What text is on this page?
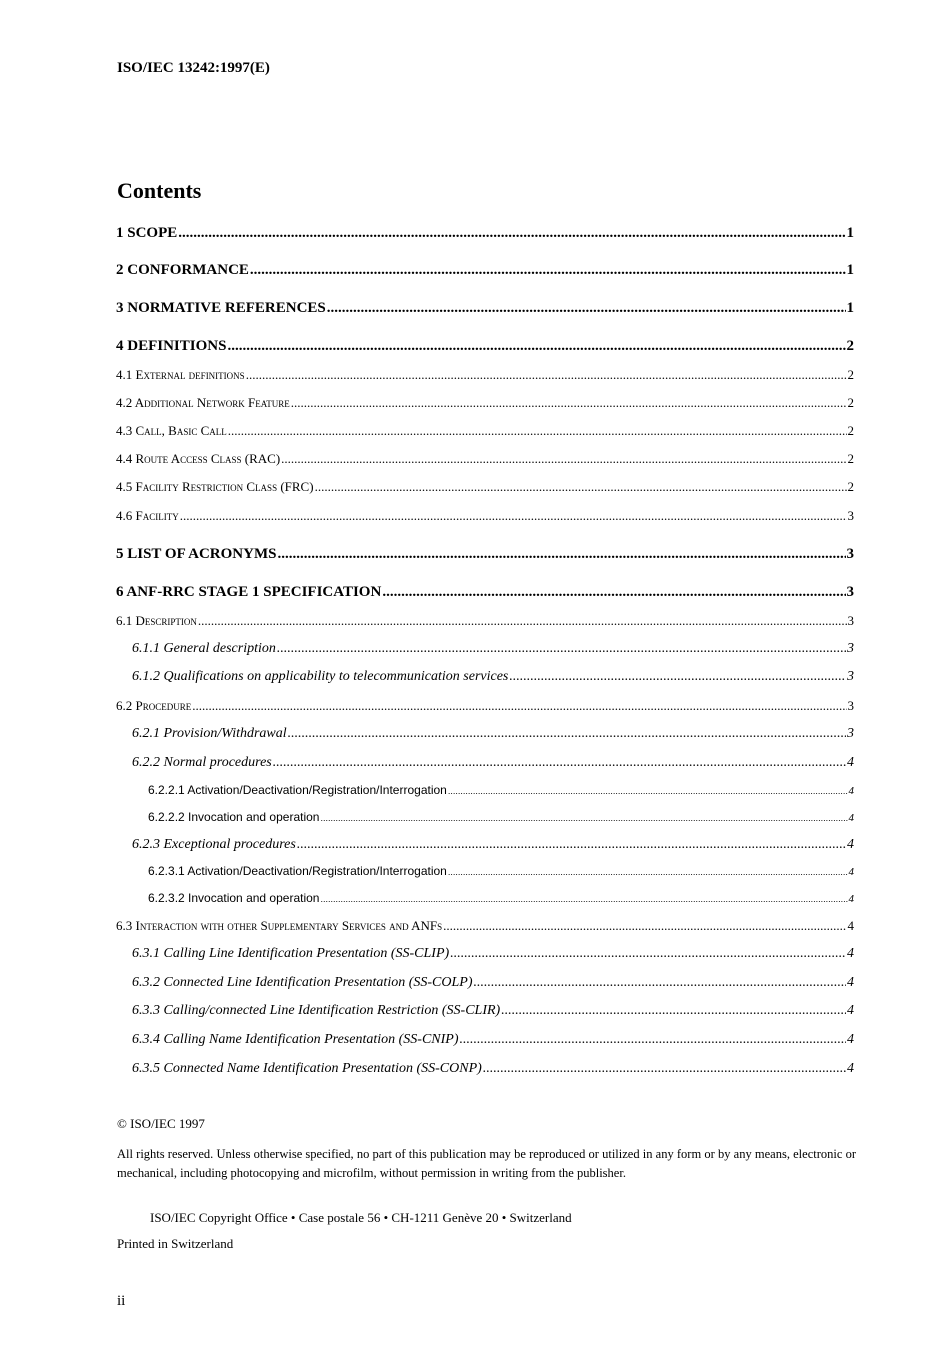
ISO/IEC 13242:1997(E)
Contents
1 SCOPE .....	1
2 CONFORMANCE .....	1
3 NORMATIVE REFERENCES .....	1
4 DEFINITIONS .....	2
4.1 External definitions .....	2
4.2 Additional Network Feature .....	2
4.3 Call, Basic Call .....	2
4.4 Route Access Class (RAC) .....	2
4.5 Facility Restriction Class (FRC) .....	2
4.6 Facility .....	3
5 LIST OF ACRONYMS .....	3
6 ANF-RRC STAGE 1 SPECIFICATION .....	3
6.1 Description .....	3
6.1.1 General description .....	3
6.1.2 Qualifications on applicability to telecommunication services .....	3
6.2 Procedure .....	3
6.2.1 Provision/Withdrawal .....	3
6.2.2 Normal procedures .....	4
6.2.2.1 Activation/Deactivation/Registration/Interrogation .....	4
6.2.2.2 Invocation and operation .....	4
6.2.3 Exceptional procedures .....	4
6.2.3.1 Activation/Deactivation/Registration/Interrogation .....	4
6.2.3.2 Invocation and operation .....	4
6.3 Interaction with other Supplementary Services and ANFs .....	4
6.3.1 Calling Line Identification Presentation (SS-CLIP) .....	4
6.3.2 Connected Line Identification Presentation (SS-COLP) .....	4
6.3.3 Calling/connected Line Identification Restriction (SS-CLIR) .....	4
6.3.4 Calling Name Identification Presentation (SS-CNIP) .....	4
6.3.5 Connected Name Identification Presentation (SS-CONP) .....	4
© ISO/IEC 1997
All rights reserved. Unless otherwise specified, no part of this publication may be reproduced or utilized in any form or by any means, electronic or mechanical, including photocopying and microfilm, without permission in writing from the publisher.
ISO/IEC Copyright Office • Case postale 56 • CH-1211 Genève 20 • Switzerland
Printed in Switzerland
ii
